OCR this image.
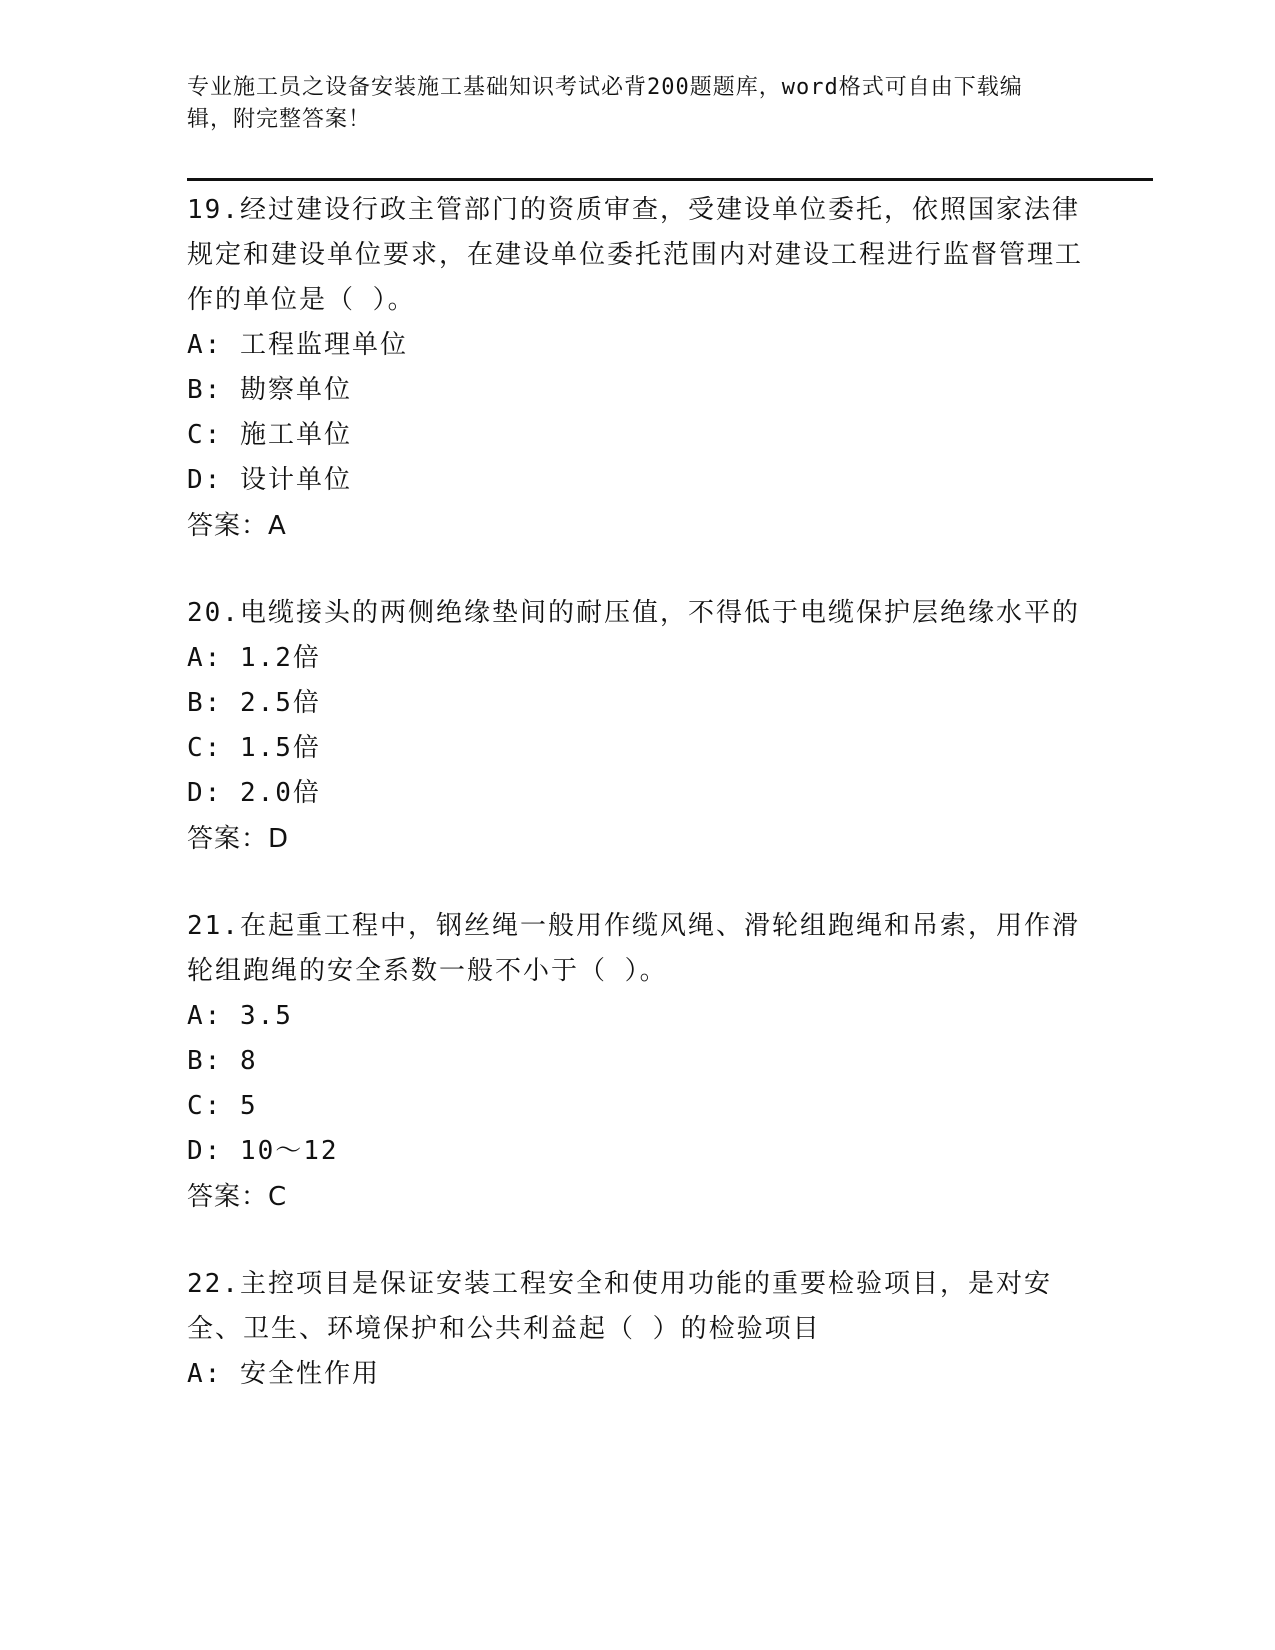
专业施工员之设备安装施工基础知识考试必背200题题库，word格式可自由下载编辑，附完整答案！

19.经过建设行政主管部门的资质审查，受建设单位委托，依照国家法律规定和建设单位要求，在建设单位委托范围内对建设工程进行监督管理工作的单位是（ ）。

A: 工程监理单位

B: 勘察单位

C: 施工单位

D: 设计单位

答案：A

20.电缆接头的两侧绝缘垫间的耐压值，不得低于电缆保护层绝缘水平的

A: 1.2倍

B: 2.5倍

C: 1.5倍

D: 2.0倍

答案：D

21.在起重工程中，钢丝绳一般用作缆风绳、滑轮组跑绳和吊索，用作滑轮组跑绳的安全系数一般不小于（ ）。

A: 3.5

B: 8

C: 5

D: 10～12

答案：C

22.主控项目是保证安装工程安全和使用功能的重要检验项目，是对安全、卫生、环境保护和公共利益起（ ）的检验项目

A: 安全性作用
